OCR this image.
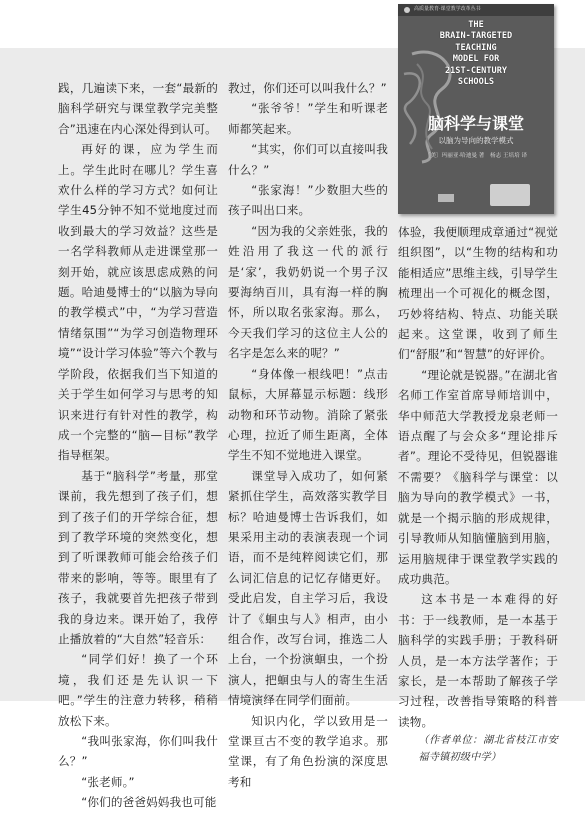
高质量教育·课堂教学改革丛书
THE
BRAIN-TARGETED
TEACHING
MODEL FOR
21ST-CENTURY
SCHOOLS
脑科学与课堂
以脑为导向的教学模式
〔美〕玛丽亚·哈迪曼 著　杨志 王培培 译

践，几遍读下来，一套“最新的脑科学研究与课堂教学完美整合”迅速在内心深处得到认可。

再好的课，应为学生而上。学生此时在哪儿？学生喜欢什么样的学习方式？如何让学生45分钟不知不觉地度过而收到最大的学习效益？这些是一名学科教师从走进课堂那一刻开始，就应该思虑成熟的问题。哈迪曼博士的“以脑为导向的教学模式”中，“为学习营造情绪氛围”“为学习创造物理环境”“设计学习体验”等六个教与学阶段，依据我们当下知道的关于学生如何学习与思考的知识来进行有针对性的教学，构成一个完整的“脑—目标”教学指导框架。

基于“脑科学”考量，那堂课前，我先想到了孩子们，想到了孩子们的开学综合征，想到了教学环境的突然变化，想到了听课教师可能会给孩子们带来的影响，等等。眼里有了孩子，我就要首先把孩子带到我的身边来。课开始了，我停止播放着的“大自然”轻音乐：

“同学们好！换了一个环境，我们还是先认识一下吧。”学生的注意力转移，稍稍放松下来。

“我叫张家海，你们叫我什么？”

“张老师。”

“你们的爸爸妈妈我也可能

教过，你们还可以叫我什么？”

“张爷爷！”学生和听课老师都笑起来。

“其实，你们可以直接叫我什么？”

“张家海！”少数胆大些的孩子叫出口来。

“因为我的父亲姓张，我的姓沿用了我这一代的派行是‘家’，我奶奶说一个男子汉要海纳百川，具有海一样的胸怀，所以取名张家海。那么，今天我们学习的这位主人公的名字是怎么来的呢？”

“身体像一根线吧！”点击鼠标，大屏幕显示标题：线形动物和环节动物。消除了紧张心理，拉近了师生距离，全体学生不知不觉地进入课堂。

课堂导入成功了，如何紧紧抓住学生，高效落实教学目标？哈迪曼博士告诉我们，如果采用主动的表演表现一个词语，而不是纯粹阅读它们，那么词汇信息的记忆存储更好。受此启发，自主学习后，我设计了《蛔虫与人》相声，由小组合作，改写台词，推选二人上台，一个扮演蛔虫，一个扮演人，把蛔虫与人的寄生生活情境演绎在同学们面前。

知识内化，学以致用是一堂课亘古不变的教学追求。那堂课，有了角色扮演的深度思考和

体验，我便顺理成章通过“视觉组织图”，以“生物的结构和功能相适应”思维主线，引导学生梳理出一个可视化的概念图，巧妙将结构、特点、功能关联起来。这堂课，收到了师生们“舒服”和“智慧”的好评价。

“理论就是锐器。”在湖北省名师工作室首席导师培训中，华中师范大学教授龙泉老师一语点醒了与会众多“理论排斥者”。理论不受待见，但锐器谁不需要？《脑科学与课堂：以脑为导向的教学模式》一书，就是一个揭示脑的形成规律，引导教师从知脑懂脑到用脑，运用脑规律于课堂教学实践的成功典范。

这本书是一本难得的好书：于一线教师，是一本基于脑科学的实践手册；于教科研人员，是一本方法学著作；于家长，是一本帮助了解孩子学习过程，改善指导策略的科普读物。

（作者单位：湖北省枝江市安福寺镇初级中学）
